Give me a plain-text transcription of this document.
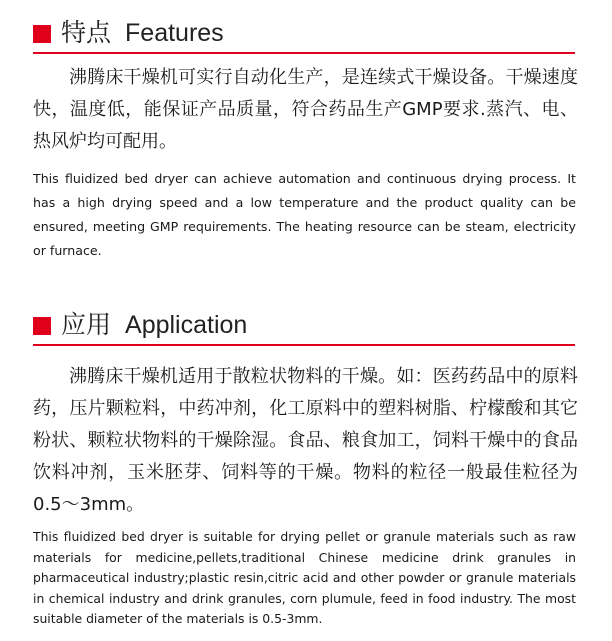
特点 Features

沸腾床干燥机可实行自动化生产，是连续式干燥设备。干燥速度快，温度低，能保证产品质量，符合药品生产GMP要求.蒸汽、电、热风炉均可配用。

This fluidized bed dryer can achieve automation and continuous drying process. It has a high drying speed and a low temperature and the product quality can be ensured, meeting GMP requirements. The heating resource can be steam, electricity or furnace.

应用 Application

沸腾床干燥机适用于散粒状物料的干燥。如：医药药品中的原料药，压片颗粒料，中药冲剂，化工原料中的塑料树脂、柠檬酸和其它粉状、颗粒状物料的干燥除湿。食品、粮食加工，饲料干燥中的食品饮料冲剂，玉米胚芽、饲料等的干燥。物料的粒径一般最佳粒径为0.5～3mm。

This fluidized bed dryer is suitable for drying pellet or granule materials such as raw materials for medicine,pellets,traditional Chinese medicine drink granules in pharmaceutical industry;plastic resin,citric acid and other powder or granule materials in chemical industry and drink granules, corn plumule, feed in food industry. The most suitable diameter of the materials is 0.5-3mm.
